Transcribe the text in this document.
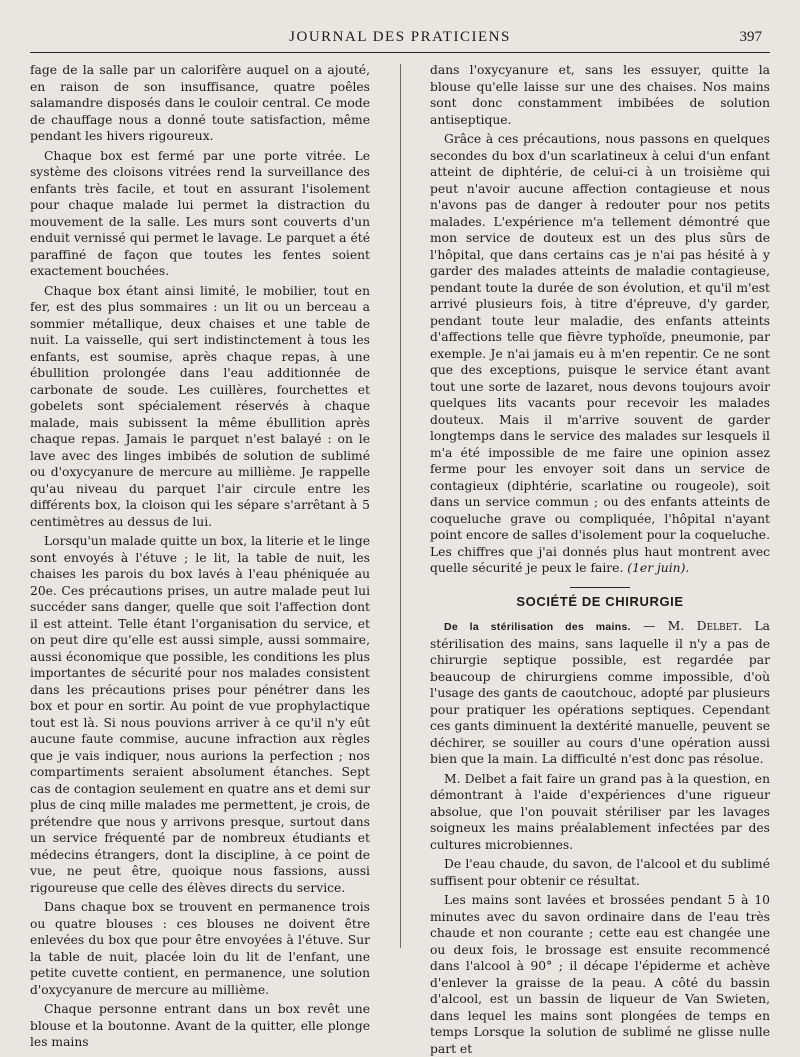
JOURNAL DES PRATICIENS	397

fage de la salle par un calorifère auquel on a ajouté, en raison de son insuffisance, quatre poêles salamandre disposés dans le couloir central. Ce mode de chauffage nous a donné toute satisfaction, même pendant les hivers rigoureux.

Chaque box est fermé par une porte vitrée. Le système des cloisons vitrées rend la surveillance des enfants très facile, et tout en assurant l'isolement pour chaque malade lui permet la distraction du mouvement de la salle. Les murs sont couverts d'un enduit vernissé qui permet le lavage. Le parquet a été paraffiné de façon que toutes les fentes soient exactement bouchées.

Chaque box étant ainsi limité, le mobilier, tout en fer, est des plus sommaires : un lit ou un berceau a sommier métallique, deux chaises et une table de nuit. La vaisselle, qui sert indistinctement à tous les enfants, est soumise, après chaque repas, à une ébullition prolongée dans l'eau additionnée de carbonate de soude. Les cuillères, fourchettes et gobelets sont spécialement réservés à chaque malade, mais subissent la même ébullition après chaque repas. Jamais le parquet n'est balayé : on le lave avec des linges imbibés de solution de sublimé ou d'oxycyanure de mercure au millième. Je rappelle qu'au niveau du parquet l'air circule entre les différents box, la cloison qui les sépare s'arrêtant à 5 centimètres au dessus de lui.

Lorsqu'un malade quitte un box, la literie et le linge sont envoyés à l'étuve ; le lit, la table de nuit, les chaises les parois du box lavés à l'eau phéniquée au 20e. Ces précautions prises, un autre malade peut lui succéder sans danger, quelle que soit l'affection dont il est atteint. Telle étant l'organisation du service, et on peut dire qu'elle est aussi simple, aussi sommaire, aussi économique que possible, les conditions les plus importantes de sécurité pour nos malades consistent dans les précautions prises pour pénétrer dans les box et pour en sortir. Au point de vue prophylactique tout est là. Si nous pouvions arriver à ce qu'il n'y eût aucune faute commise, aucune infraction aux règles que je vais indiquer, nous aurions la perfection ; nos compartiments seraient absolument étanches. Sept cas de contagion seulement en quatre ans et demi sur plus de cinq mille malades me permettent, je crois, de prétendre que nous y arrivons presque, surtout dans un service fréquenté par de nombreux étudiants et médecins étrangers, dont la discipline, à ce point de vue, ne peut être, quoique nous fassions, aussi rigoureuse que celle des élèves directs du service.

Dans chaque box se trouvent en permanence trois ou quatre blouses : ces blouses ne doivent être enlevées du box que pour être envoyées à l'étuve. Sur la table de nuit, placée loin du lit de l'enfant, une petite cuvette contient, en permanence, une solution d'oxycyanure de mercure au millième.

Chaque personne entrant dans un box revêt une blouse et la boutonne. Avant de la quitter, elle plonge les mains

dans l'oxycyanure et, sans les essuyer, quitte la blouse qu'elle laisse sur une des chaises. Nos mains sont donc constamment imbibées de solution antiseptique.

Grâce à ces précautions, nous passons en quelques secondes du box d'un scarlatineux à celui d'un enfant atteint de diphtérie, de celui-ci à un troisième qui peut n'avoir aucune affection contagieuse et nous n'avons pas de danger à redouter pour nos petits malades. L'expérience m'a tellement démontré que mon service de douteux est un des plus sûrs de l'hôpital, que dans certains cas je n'ai pas hésité à y garder des malades atteints de maladie contagieuse, pendant toute la durée de son évolution, et qu'il m'est arrivé plusieurs fois, à titre d'épreuve, d'y garder, pendant toute leur maladie, des enfants atteints d'affections telle que fièvre typhoïde, pneumonie, par exemple. Je n'ai jamais eu à m'en repentir. Ce ne sont que des exceptions, puisque le service étant avant tout une sorte de lazaret, nous devons toujours avoir quelques lits vacants pour recevoir les malades douteux. Mais il m'arrive souvent de garder longtemps dans le service des malades sur lesquels il m'a été impossible de me faire une opinion assez ferme pour les envoyer soit dans un service de contagieux (diphtérie, scarlatine ou rougeole), soit dans un service commun ; ou des enfants atteints de coqueluche grave ou compliquée, l'hôpital n'ayant point encore de salles d'isolement pour la coqueluche. Les chiffres que j'ai donnés plus haut montrent avec quelle sécurité je peux le faire. (1er juin).

SOCIÉTÉ DE CHIRURGIE

De la stérilisation des mains. — M. Delbet. La stérilisation des mains, sans laquelle il n'y a pas de chirurgie septique possible, est regardée par beaucoup de chirurgiens comme impossible, d'où l'usage des gants de caoutchouc, adopté par plusieurs pour pratiquer les opérations septiques. Cependant ces gants diminuent la dextérité manuelle, peuvent se déchirer, se souiller au cours d'une opération aussi bien que la main. La difficulté n'est donc pas résolue.

M. Delbet a fait faire un grand pas à la question, en démontrant à l'aide d'expériences d'une rigueur absolue, que l'on pouvait stériliser par les lavages soigneux les mains préalablement infectées par des cultures microbiennes.

De l'eau chaude, du savon, de l'alcool et du sublimé suffisent pour obtenir ce résultat.

Les mains sont lavées et brossées pendant 5 à 10 minutes avec du savon ordinaire dans de l'eau très chaude et non courante ; cette eau est changée une ou deux fois, le brossage est ensuite recommencé dans l'alcool à 90° ; il décape l'épiderme et achève d'enlever la graisse de la peau. A côté du bassin d'alcool, est un bassin de liqueur de Van Swieten, dans lequel les mains sont plongées de temps en temps Lorsque la solution de sublimé ne glisse nulle part et
